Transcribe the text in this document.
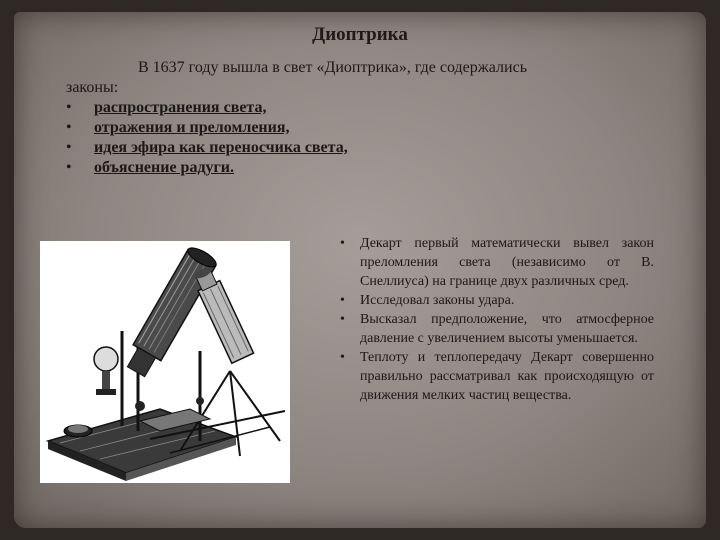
Диоптрика
В 1637 году вышла в свет «Диоптрика», где содержались
законы:
• распространения света,
• отражения и преломления,
• идея эфира как переносчика света,
• объяснение радуги.
• Декарт первый математически вывел закон преломления света (независимо от В. Снеллиуса) на границе двух различных сред.
• Исследовал законы удара.
• Высказал предположение, что атмосферное давление с увеличением высоты уменьшается.
• Теплоту и теплопередачу Декарт совершенно правильно рассматривал как происходящую от движения мелких частиц вещества.
